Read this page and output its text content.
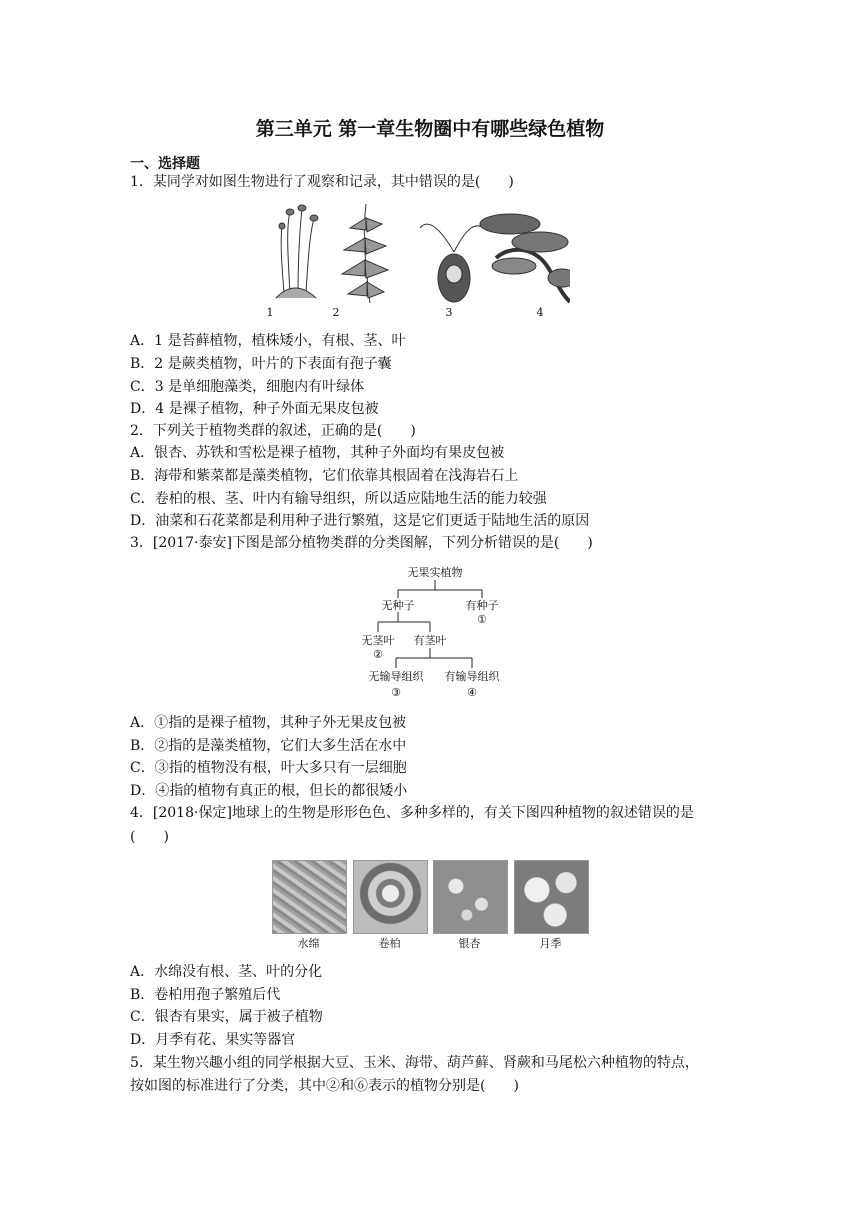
第三单元 第一章生物圈中有哪些绿色植物
一、选择题
1．某同学对如图生物进行了观察和记录，其中错误的是(　　)
1	2	3	4
A．1 是苔藓植物，植株矮小，有根、茎、叶
B．2 是蕨类植物，叶片的下表面有孢子囊
C．3 是单细胞藻类，细胞内有叶绿体
D．4 是裸子植物，种子外面无果皮包被
2．下列关于植物类群的叙述，正确的是(　　)
A．银杏、苏铁和雪松是裸子植物，其种子外面均有果皮包被
B．海带和紫菜都是藻类植物，它们依靠其根固着在浅海岩石上
C．卷柏的根、茎、叶内有输导组织，所以适应陆地生活的能力较强
D．油菜和石花菜都是利用种子进行繁殖，这是它们更适于陆地生活的原因
3．[2017·泰安]下图是部分植物类群的分类图解，下列分析错误的是(　　)
无果实植物
无种子	有种子
①
无茎叶 有茎叶
②
无输导组织 有输导组织
③	④
A．①指的是裸子植物，其种子外无果皮包被
B．②指的是藻类植物，它们大多生活在水中
C．③指的植物没有根，叶大多只有一层细胞
D．④指的植物有真正的根，但长的都很矮小
4．[2018·保定]地球上的生物是形形色色、多种多样的，有关下图四种植物的叙述错误的是
(　　)
水绵	卷柏	银杏	月季
A．水绵没有根、茎、叶的分化
B．卷柏用孢子繁殖后代
C．银杏有果实，属于被子植物
D．月季有花、果实等器官
5．某生物兴趣小组的同学根据大豆、玉米、海带、葫芦藓、肾蕨和马尾松六种植物的特点，
按如图的标准进行了分类，其中②和⑥表示的植物分别是(　　)
